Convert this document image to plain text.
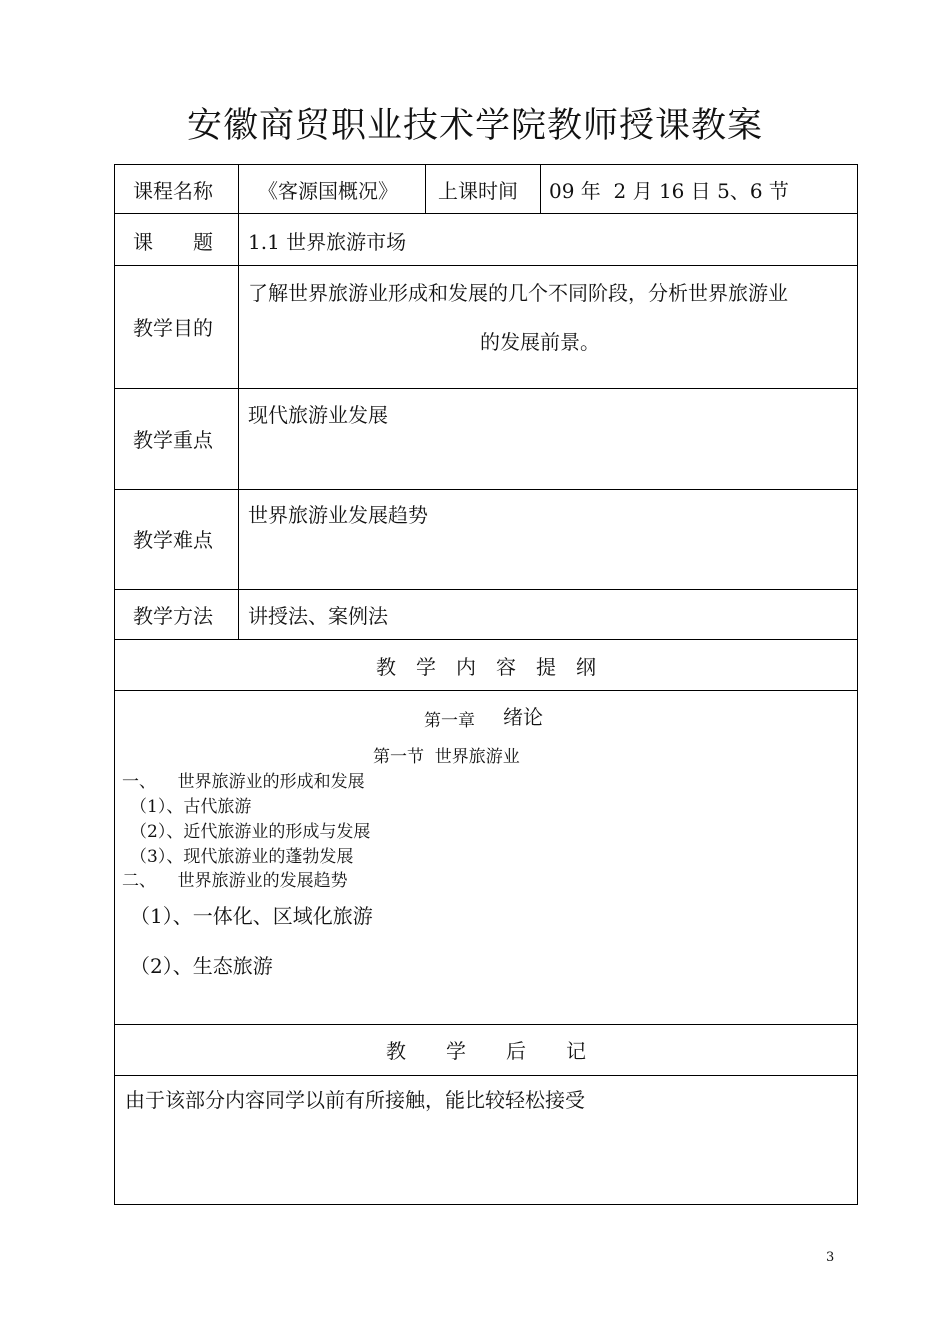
安徽商贸职业技术学院教师授课教案
课程名称 《客源国概况》 上课时间 09 年  2 月 16 日 5、6 节
课　　题 1.1 世界旅游市场
教学目的
了解世界旅游业形成和发展的几个不同阶段，分析世界旅游业
的发展前景。
教学重点
现代旅游业发展
教学难点
世界旅游业发展趋势
教学方法 讲授法、案例法
教　学　内　容　提　纲
第一章 绪论
第一节  世界旅游业
一、    世界旅游业的形成和发展
（1）、古代旅游
（2）、近代旅游业的形成与发展
（3）、现代旅游业的蓬勃发展
二、    世界旅游业的发展趋势
（1）、一体化、区域化旅游
（2）、生态旅游
教　　学　　后　　记
由于该部分内容同学以前有所接触，能比较轻松接受
3
